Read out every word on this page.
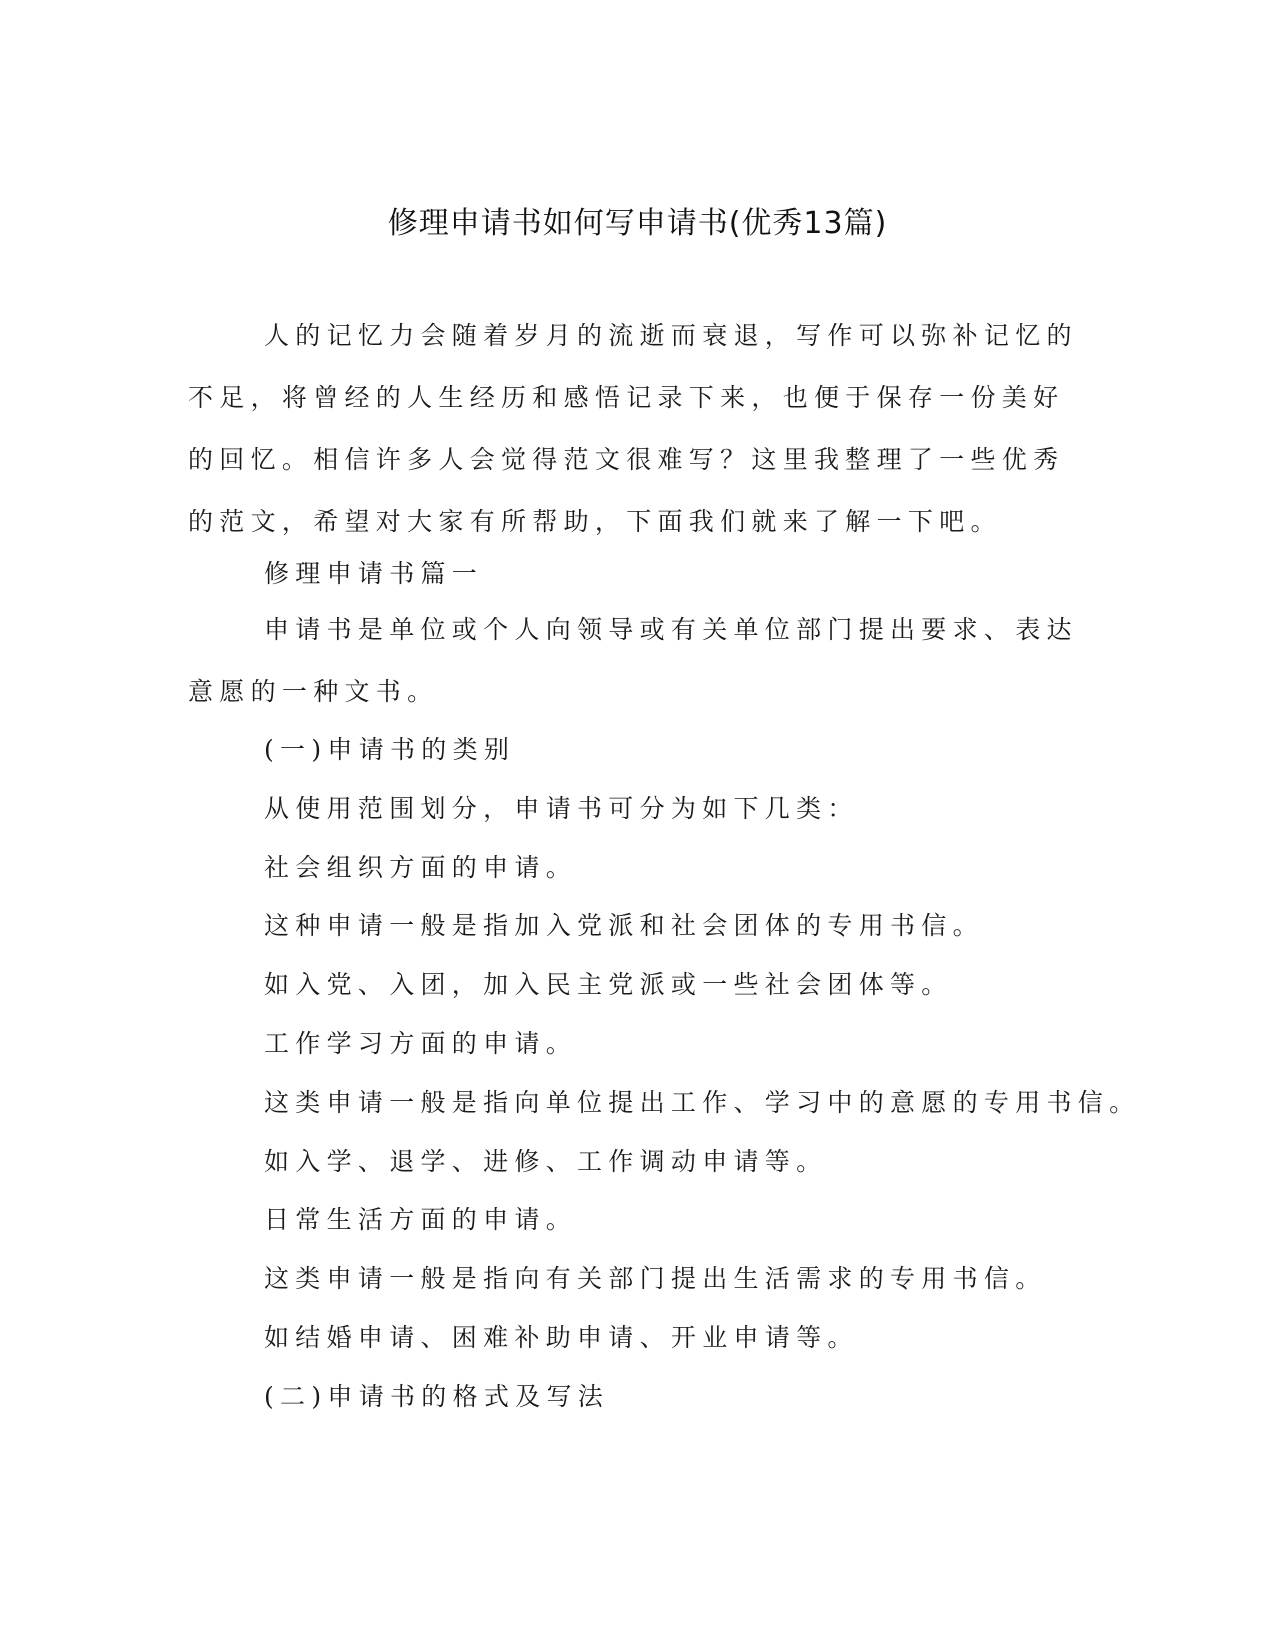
修理申请书如何写申请书(优秀13篇)

人的记忆力会随着岁月的流逝而衰退，写作可以弥补记忆的不足，将曾经的人生经历和感悟记录下来，也便于保存一份美好的回忆。相信许多人会觉得范文很难写？这里我整理了一些优秀的范文，希望对大家有所帮助，下面我们就来了解一下吧。

修理申请书篇一

申请书是单位或个人向领导或有关单位部门提出要求、表达意愿的一种文书。

(一)申请书的类别
从使用范围划分，申请书可分为如下几类：
社会组织方面的申请。
这种申请一般是指加入党派和社会团体的专用书信。
如入党、入团，加入民主党派或一些社会团体等。
工作学习方面的申请。
这类申请一般是指向单位提出工作、学习中的意愿的专用书信。
如入学、退学、进修、工作调动申请等。
日常生活方面的申请。
这类申请一般是指向有关部门提出生活需求的专用书信。
如结婚申请、困难补助申请、开业申请等。
(二)申请书的格式及写法
